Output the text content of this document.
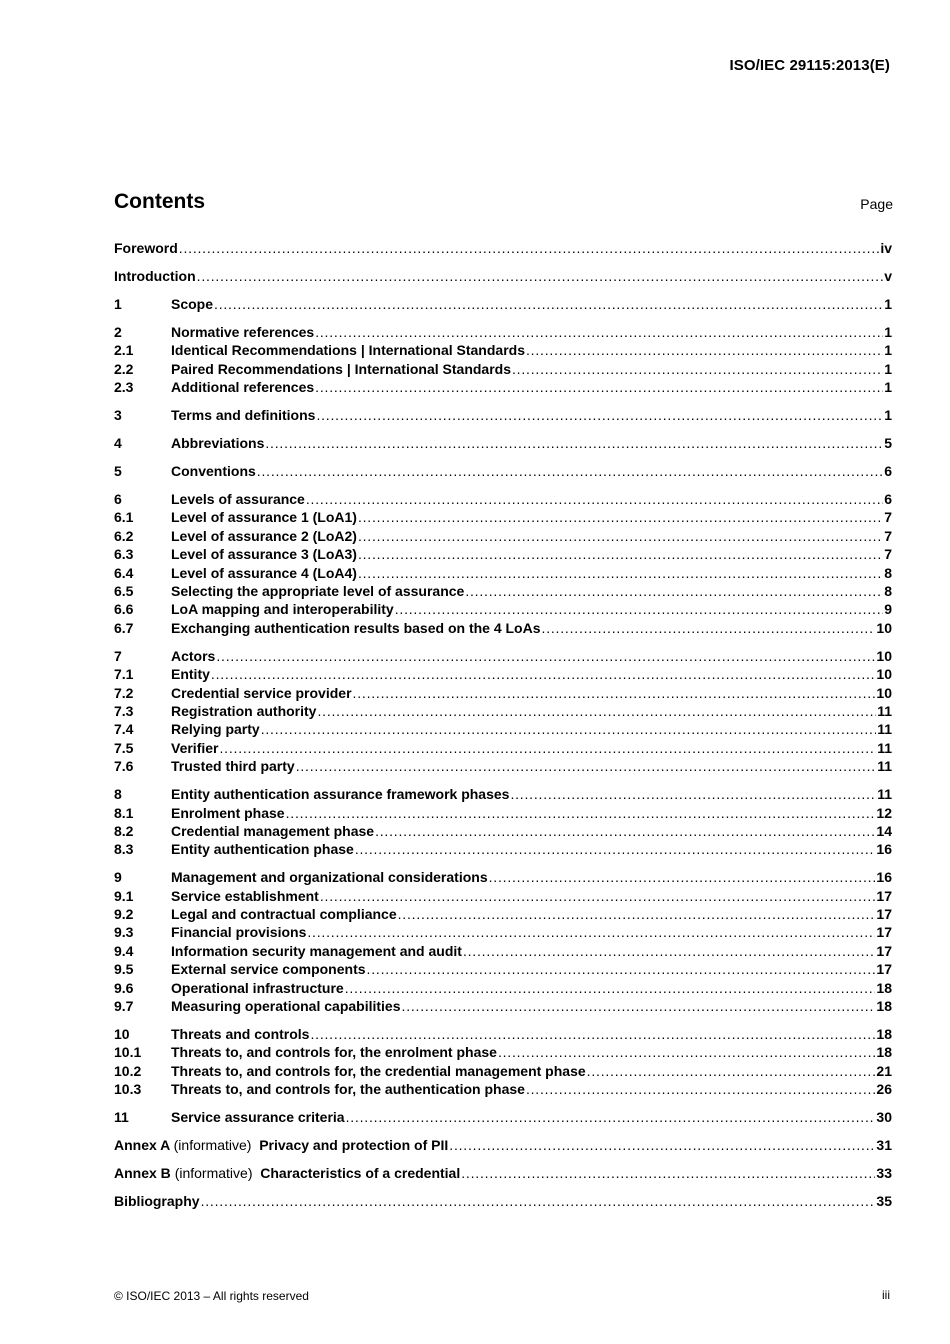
ISO/IEC 29115:2013(E)
Contents	Page
Foreword . . .	iv
Introduction . . .	v
1	Scope . . .	1
2	Normative references . . .	1
2.1	Identical Recommendations | International Standards . . .	1
2.2	Paired Recommendations | International Standards . . .	1
2.3	Additional references . . .	1
3	Terms and definitions . . .	1
4	Abbreviations . . .	5
5	Conventions . . .	6
6	Levels of assurance . . .	6
6.1	Level of assurance 1 (LoA1) . . .	7
6.2	Level of assurance 2 (LoA2) . . .	7
6.3	Level of assurance 3 (LoA3) . . .	7
6.4	Level of assurance 4 (LoA4) . . .	8
6.5	Selecting the appropriate level of assurance . . .	8
6.6	LoA mapping and interoperability . . .	9
6.7	Exchanging authentication results based on the 4 LoAs . . .	10
7	Actors . . .	10
7.1	Entity . . .	10
7.2	Credential service provider . . .	10
7.3	Registration authority . . .	11
7.4	Relying party . . .	11
7.5	Verifier . . .	11
7.6	Trusted third party . . .	11
8	Entity authentication assurance framework phases . . .	11
8.1	Enrolment phase . . .	12
8.2	Credential management phase . . .	14
8.3	Entity authentication phase . . .	16
9	Management and organizational considerations . . .	16
9.1	Service establishment . . .	17
9.2	Legal and contractual compliance . . .	17
9.3	Financial provisions . . .	17
9.4	Information security management and audit . . .	17
9.5	External service components . . .	17
9.6	Operational infrastructure . . .	18
9.7	Measuring operational capabilities . . .	18
10	Threats and controls . . .	18
10.1	Threats to, and controls for, the enrolment phase . . .	18
10.2	Threats to, and controls for, the credential management phase . . .	21
10.3	Threats to, and controls for, the authentication phase . . .	26
11	Service assurance criteria . . .	30
Annex A (informative) Privacy and protection of PII . . .	31
Annex B (informative) Characteristics of a credential . . .	33
Bibliography . . .	35
© ISO/IEC 2013 – All rights reserved	iii
